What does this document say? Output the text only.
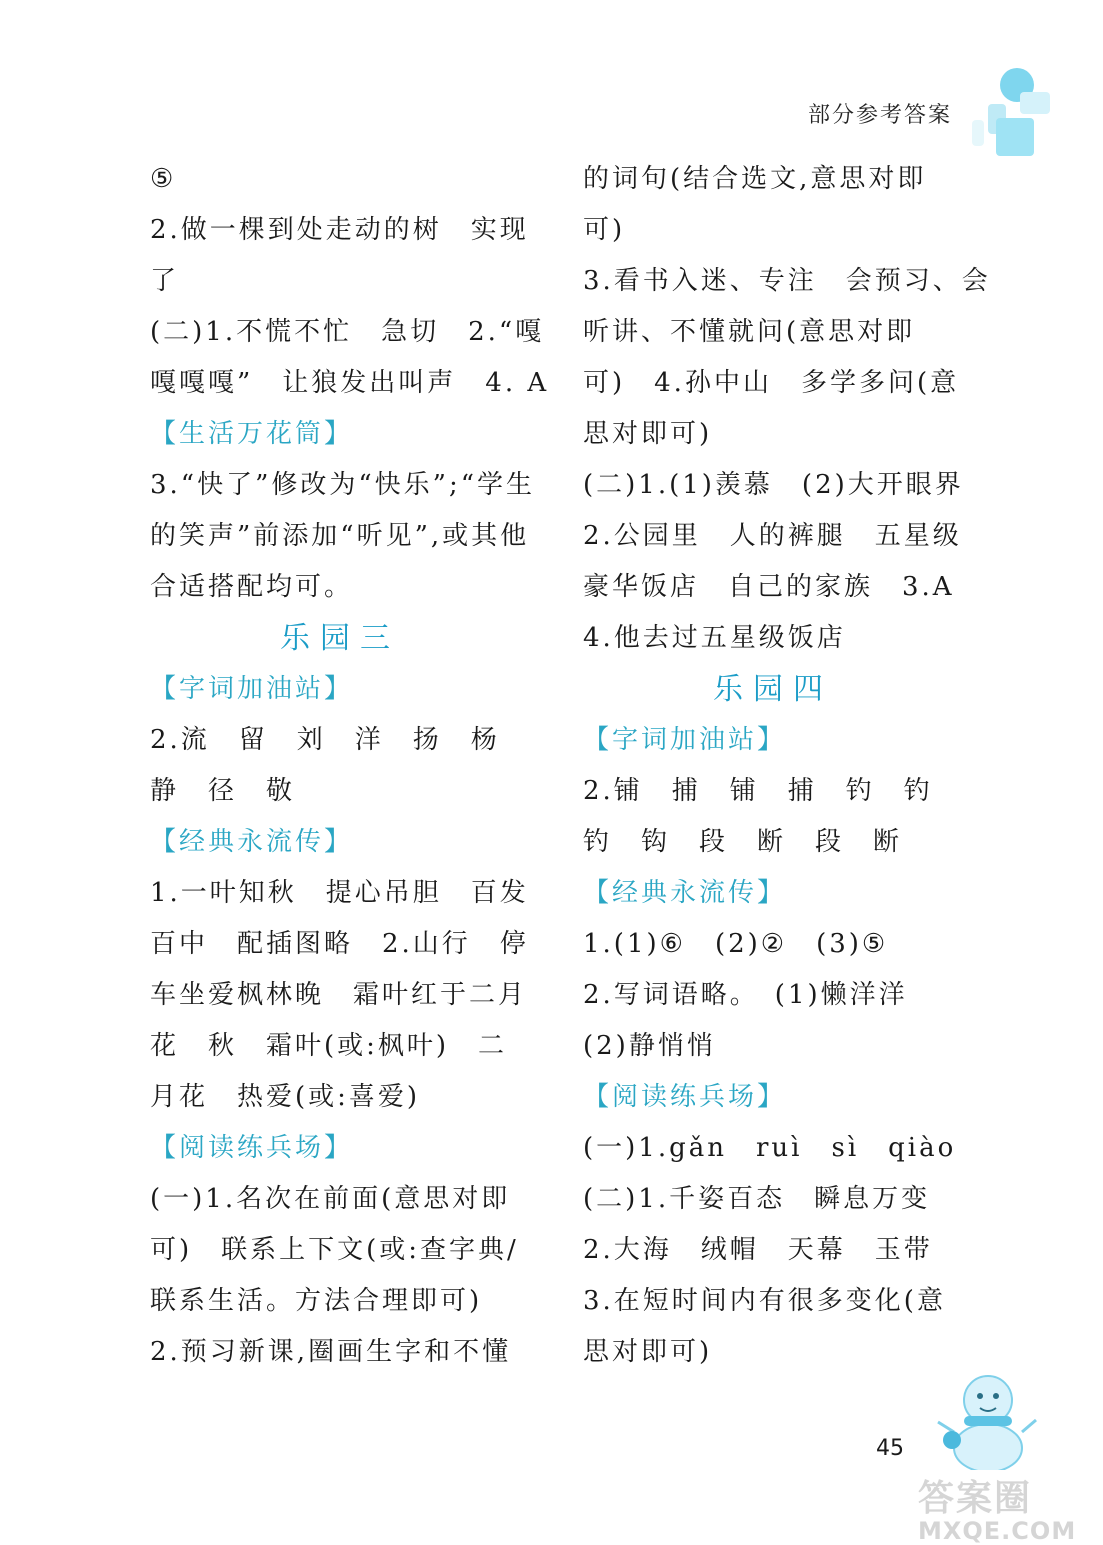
部分参考答案
⑤
2.做一棵到处走动的树　实现
了
(二)1.不慌不忙　急切　2.“嘎
嘎嘎嘎”　让狼发出叫声　4. A
【生活万花筒】
3.“快了”修改为“快乐”;“学生
的笑声”前添加“听见”,或其他
合适搭配均可。
乐园三
【字词加油站】
2.流　留　刘　洋　扬　杨
静　径　敬
【经典永流传】
1.一叶知秋　提心吊胆　百发
百中　配插图略　2.山行　停
车坐爱枫林晚　霜叶红于二月
花　秋　霜叶(或:枫叶)　二
月花　热爱(或:喜爱)
【阅读练兵场】
(一)1.名次在前面(意思对即
可)　联系上下文(或:查字典/
联系生活。方法合理即可)
2.预习新课,圈画生字和不懂
的词句(结合选文,意思对即
可)
3.看书入迷、专注　会预习、会
听讲、不懂就问(意思对即
可)　4.孙中山　多学多问(意
思对即可)
(二)1.(1)羡慕　(2)大开眼界
2.公园里　人的裤腿　五星级
豪华饭店　自己的家族　3.A
4.他去过五星级饭店
乐园四
【字词加油站】
2.铺　捕　铺　捕　钓　钓
钓　钩　段　断　段　断
【经典永流传】
1.(1)⑥　(2)②　(3)⑤
2.写词语略。　(1)懒洋洋
(2)静悄悄
【阅读练兵场】
(一)1.gǎn　ruì　sì　qiào
(二)1.千姿百态　瞬息万变
2.大海　绒帽　天幕　玉带
3.在短时间内有很多变化(意
思对即可)
45
答案圈
MXQE.COM
